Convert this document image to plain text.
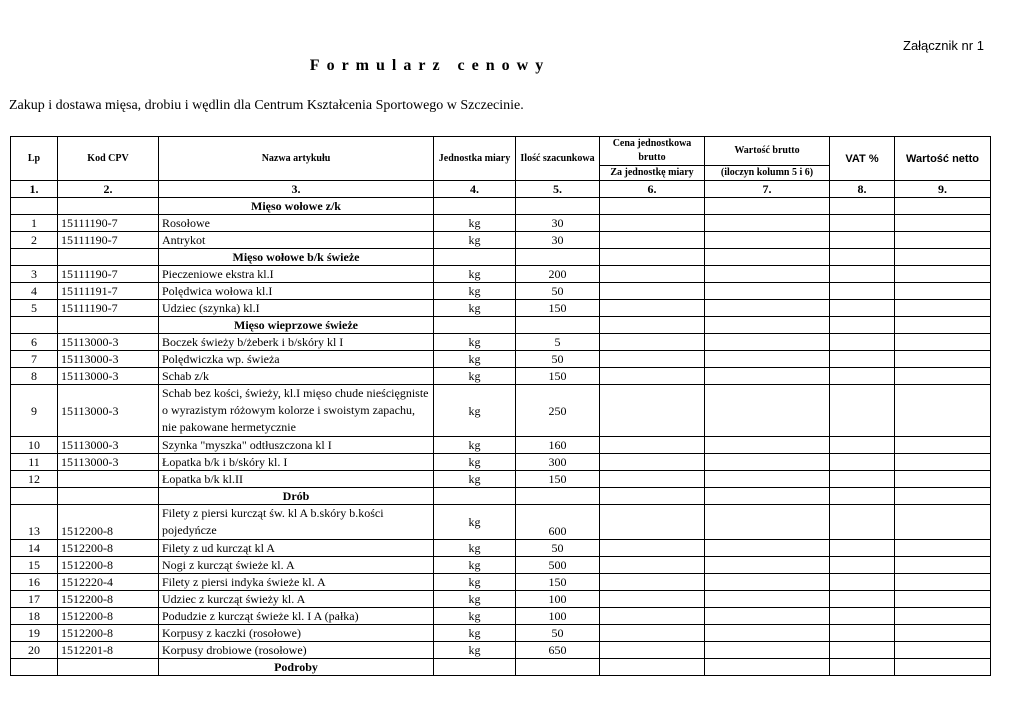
Załącznik nr 1
Formularz cenowy
Zakup i dostawa mięsa, drobiu i wędlin dla Centrum Kształcenia Sportowego w Szczecinie.
Lp	Kod CPV	Nazwa artykułu	Jednostka miary	Ilość szacunkowa	Cena jednostkowa brutto	Wartość brutto	VAT %	Wartość netto
					Za jednostkę miary	(iloczyn kolumn 5 i 6)		
1.	2.	3.	4.	5.	6.	7.	8.	9.
		Mięso wołowe z/k						
1	15111190-7	Rosołowe	kg	30				
2	15111190-7	Antrykot	kg	30				
		Mięso wołowe b/k świeże						
3	15111190-7	Pieczeniowe ekstra kl.I	kg	200				
4	15111191-7	Polędwica wołowa kl.I	kg	50				
5	15111190-7	Udziec (szynka) kl.I	kg	150				
		Mięso wieprzowe świeże						
6	15113000-3	Boczek świeży b/żeberk i b/skóry kl I	kg	5				
7	15113000-3	Polędwiczka wp. świeża	kg	50				
8	15113000-3	Schab z/k	kg	150				
9	15113000-3	Schab bez kości, świeży, kl.I mięso chude nieścięgniste o wyrazistym różowym kolorze i swoistym zapachu, nie pakowane hermetycznie	kg	250				
10	15113000-3	Szynka "myszka" odtłuszczona kl I	kg	160				
11	15113000-3	Łopatka b/k i b/skóry kl. I	kg	300				
12		Łopatka b/k kl.II	kg	150				
		Drób						
13	1512200-8	Filety z piersi kurcząt św. kl A b.skóry b.kości pojedyńcze	kg	600				
14	1512200-8	Filety z ud kurcząt kl A	kg	50				
15	1512200-8	Nogi z kurcząt świeże kl. A	kg	500				
16	1512220-4	Filety z piersi indyka świeże kl. A	kg	150				
17	1512200-8	Udziec z kurcząt świeży kl. A	kg	100				
18	1512200-8	Podudzie z kurcząt świeże kl. I A (pałka)	kg	100				
19	1512200-8	Korpusy z kaczki (rosołowe)	kg	50				
20	1512201-8	Korpusy drobiowe (rosołowe)	kg	650				
		Podroby						
